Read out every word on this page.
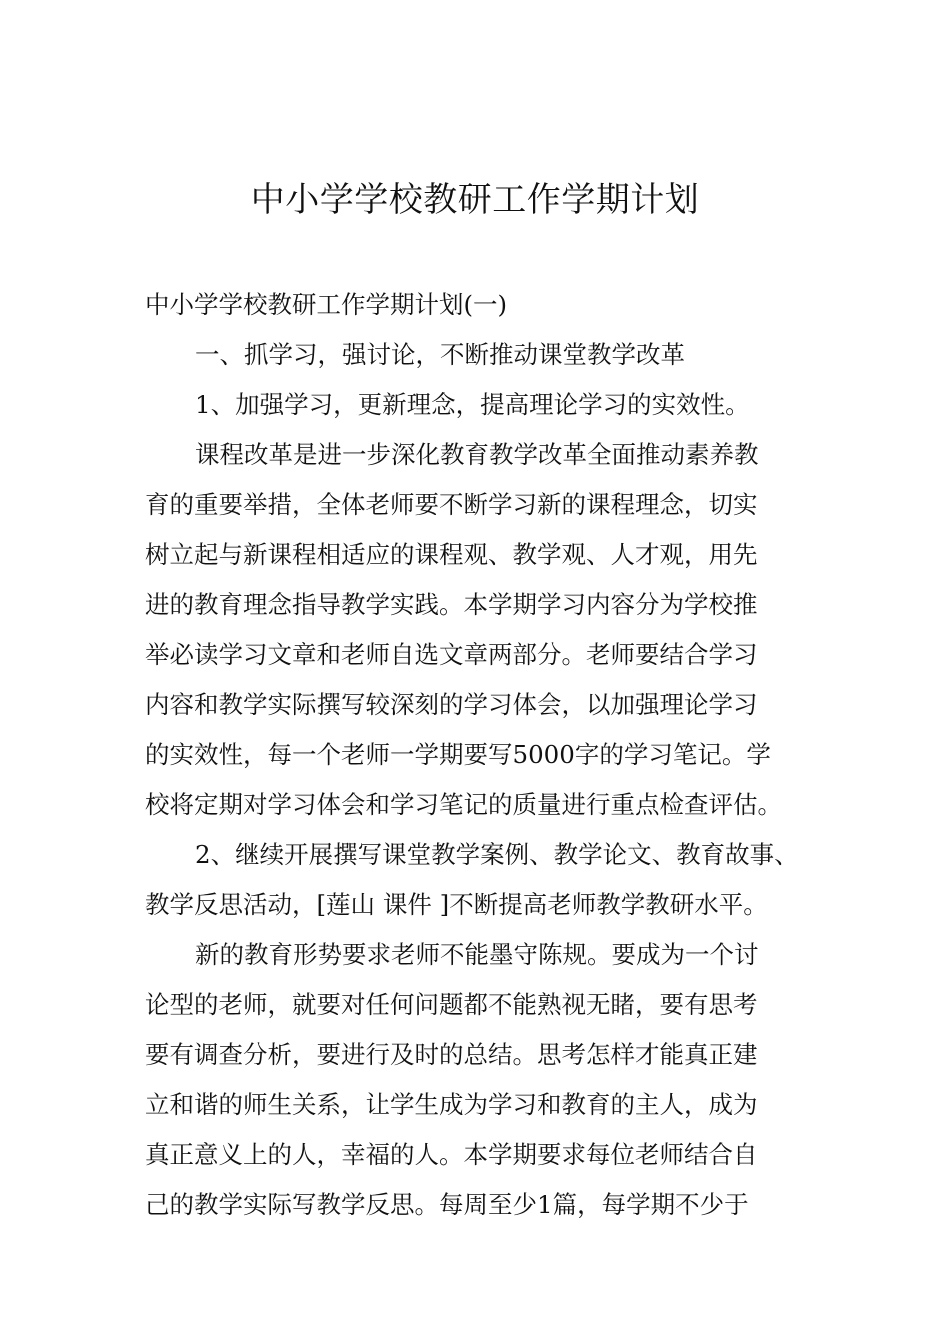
中小学学校教研工作学期计划
中小学学校教研工作学期计划(一)
一、抓学习，强讨论，不断推动课堂教学改革
1、加强学习，更新理念，提高理论学习的实效性。
课程改革是进一步深化教育教学改革全面推动素养教
育的重要举措，全体老师要不断学习新的课程理念，切实
树立起与新课程相适应的课程观、教学观、人才观，用先
进的教育理念指导教学实践。本学期学习内容分为学校推
举必读学习文章和老师自选文章两部分。老师要结合学习
内容和教学实际撰写较深刻的学习体会，以加强理论学习
的实效性，每一个老师一学期要写5000字的学习笔记。学
校将定期对学习体会和学习笔记的质量进行重点检查评估。
2、继续开展撰写课堂教学案例、教学论文、教育故事、
教学反思活动，[莲山 课件 ]不断提高老师教学教研水平。
新的教育形势要求老师不能墨守陈规。要成为一个讨
论型的老师，就要对任何问题都不能熟视无睹，要有思考
要有调查分析，要进行及时的总结。思考怎样才能真正建
立和谐的师生关系，让学生成为学习和教育的主人，成为
真正意义上的人，幸福的人。本学期要求每位老师结合自
己的教学实际写教学反思。每周至少1篇，每学期不少于
